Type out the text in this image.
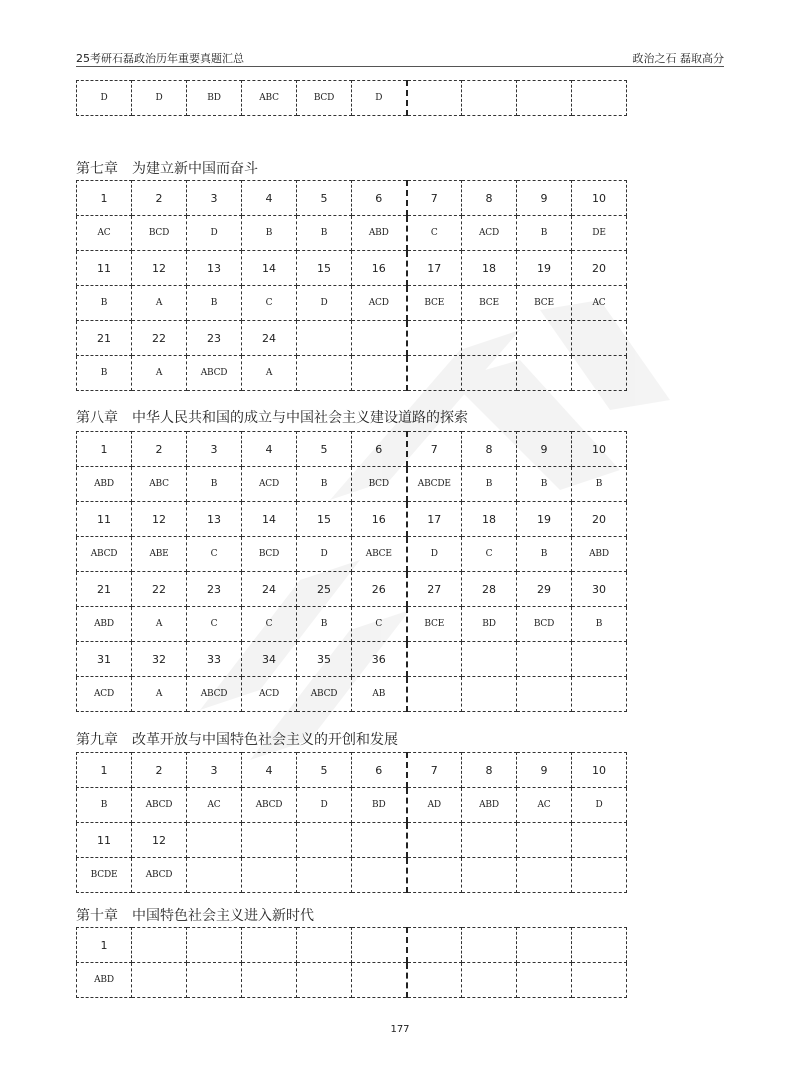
25考研石磊政治历年重要真题汇总	政治之石 磊取高分
D	D	BD	ABC	BCD	D				
第七章 为建立新中国而奋斗
1	2	3	4	5	6	7	8	9	10
AC	BCD	D	B	B	ABD	C	ACD	B	DE
11	12	13	14	15	16	17	18	19	20
B	A	B	C	D	ACD	BCE	BCE	BCE	AC
21	22	23	24						
B	A	ABCD	A						
第八章 中华人民共和国的成立与中国社会主义建设道路的探索
1	2	3	4	5	6	7	8	9	10
ABD	ABC	B	ACD	B	BCD	ABCDE	B	B	B
11	12	13	14	15	16	17	18	19	20
ABCD	ABE	C	BCD	D	ABCE	D	C	B	ABD
21	22	23	24	25	26	27	28	29	30
ABD	A	C	C	B	C	BCE	BD	BCD	B
31	32	33	34	35	36				
ACD	A	ABCD	ACD	ABCD	AB				
第九章 改革开放与中国特色社会主义的开创和发展
1	2	3	4	5	6	7	8	9	10
B	ABCD	AC	ABCD	D	BD	AD	ABD	AC	D
11	12								
BCDE	ABCD								
第十章 中国特色社会主义进入新时代
1									
ABD									
177
